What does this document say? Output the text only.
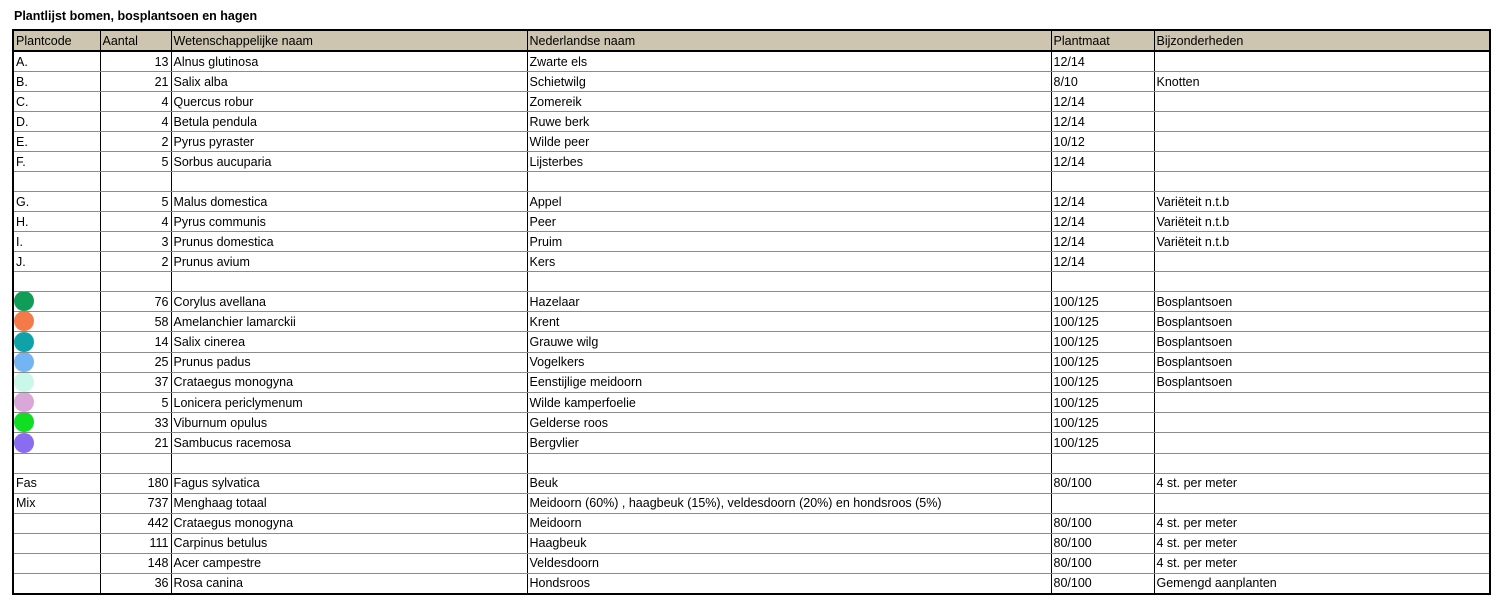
Plantlijst bomen, bosplantsoen en hagen
Plantcode	Aantal	Wetenschappelijke naam	Nederlandse naam	Plantmaat	Bijzonderheden
A.	13	Alnus glutinosa	Zwarte els	12/14	
B.	21	Salix alba	Schietwilg	8/10	Knotten
C.	4	Quercus robur	Zomereik	12/14	
D.	4	Betula pendula	Ruwe berk	12/14	
E.	2	Pyrus pyraster	Wilde peer	10/12	
F.	5	Sorbus aucuparia	Lijsterbes	12/14	

G.	5	Malus domestica	Appel	12/14	Variëteit n.t.b
H.	4	Pyrus communis	Peer	12/14	Variëteit n.t.b
I.	3	Prunus domestica	Pruim	12/14	Variëteit n.t.b
J.	2	Prunus avium	Kers	12/14	

	76	Corylus avellana	Hazelaar	100/125	Bosplantsoen
	58	Amelanchier lamarckii	Krent	100/125	Bosplantsoen
	14	Salix cinerea	Grauwe wilg	100/125	Bosplantsoen
	25	Prunus padus	Vogelkers	100/125	Bosplantsoen
	37	Crataegus monogyna	Eenstijlige meidoorn	100/125	Bosplantsoen
	5	Lonicera periclymenum	Wilde kamperfoelie	100/125	
	33	Viburnum opulus	Gelderse roos	100/125	
	21	Sambucus racemosa	Bergvlier	100/125	

Fas	180	Fagus sylvatica	Beuk	80/100	4 st. per meter
Mix	737	Menghaag totaal	Meidoorn (60%) , haagbeuk (15%), veldesdoorn (20%) en hondsroos (5%)		
	442	Crataegus monogyna	Meidoorn	80/100	4 st. per meter
	111	Carpinus betulus	Haagbeuk	80/100	4 st. per meter
	148	Acer campestre	Veldesdoorn	80/100	4 st. per meter
	36	Rosa canina	Hondsroos	80/100	Gemengd aanplanten
